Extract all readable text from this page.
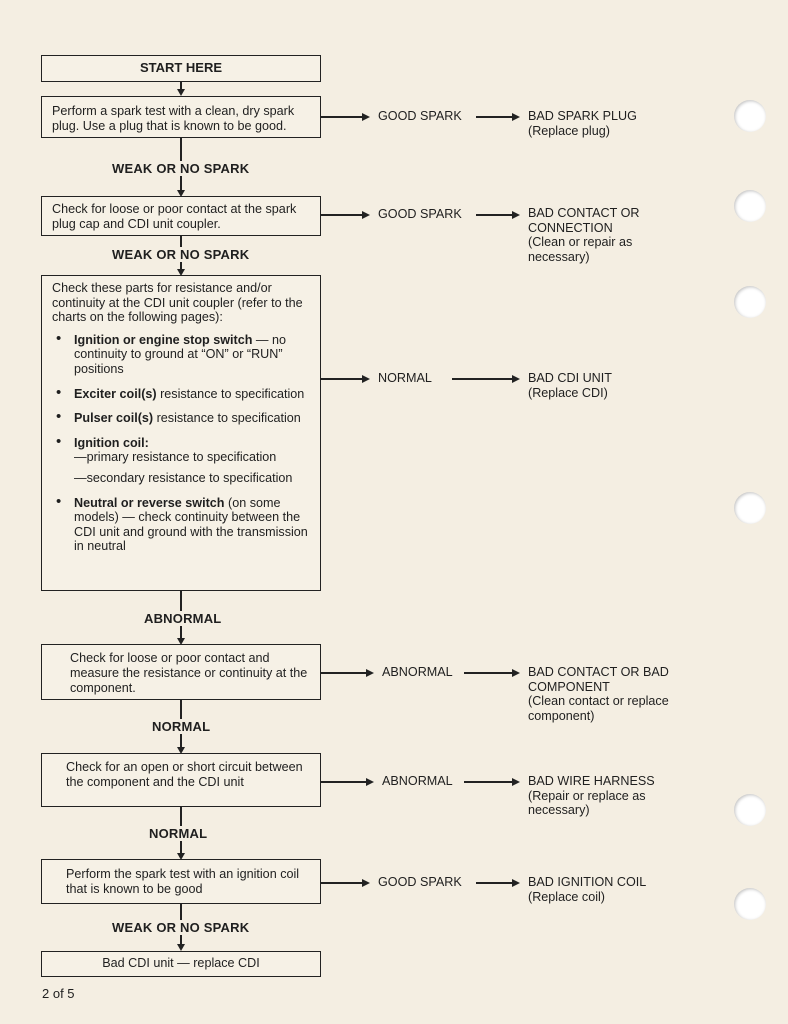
START HERE
Perform a spark test with a clean, dry spark plug. Use a plug that is known to be good.
GOOD SPARK	BAD SPARK PLUG
(Replace plug)
WEAK OR NO SPARK
Check for loose or poor contact at the spark plug cap and CDI unit coupler.
GOOD SPARK	BAD CONTACT OR
CONNECTION
(Clean or repair as necessary)
WEAK OR NO SPARK
Check these parts for resistance and/or continuity at the CDI unit coupler (refer to the charts on the following pages):
• Ignition or engine stop switch — no continuity to ground at “ON” or “RUN” positions
• Exciter coil(s) resistance to specification
• Pulser coil(s) resistance to specification
• Ignition coil:
—primary resistance to specification
—secondary resistance to specification
• Neutral or reverse switch (on some models) — check continuity between the CDI unit and ground with the transmission in neutral
NORMAL	BAD CDI UNIT
(Replace CDI)
ABNORMAL
Check for loose or poor contact and measure the resistance or continuity at the component.
ABNORMAL	BAD CONTACT OR BAD
COMPONENT
(Clean contact or replace component)
NORMAL
Check for an open or short circuit between the component and the CDI unit	ABNORMAL	BAD WIRE HARNESS
(Repair or replace as necessary)
NORMAL
Perform the spark test with an ignition coil that is known to be good	GOOD SPARK	BAD IGNITION COIL
(Replace coil)
WEAK OR NO SPARK
Bad CDI unit — replace CDI
2 of 5
